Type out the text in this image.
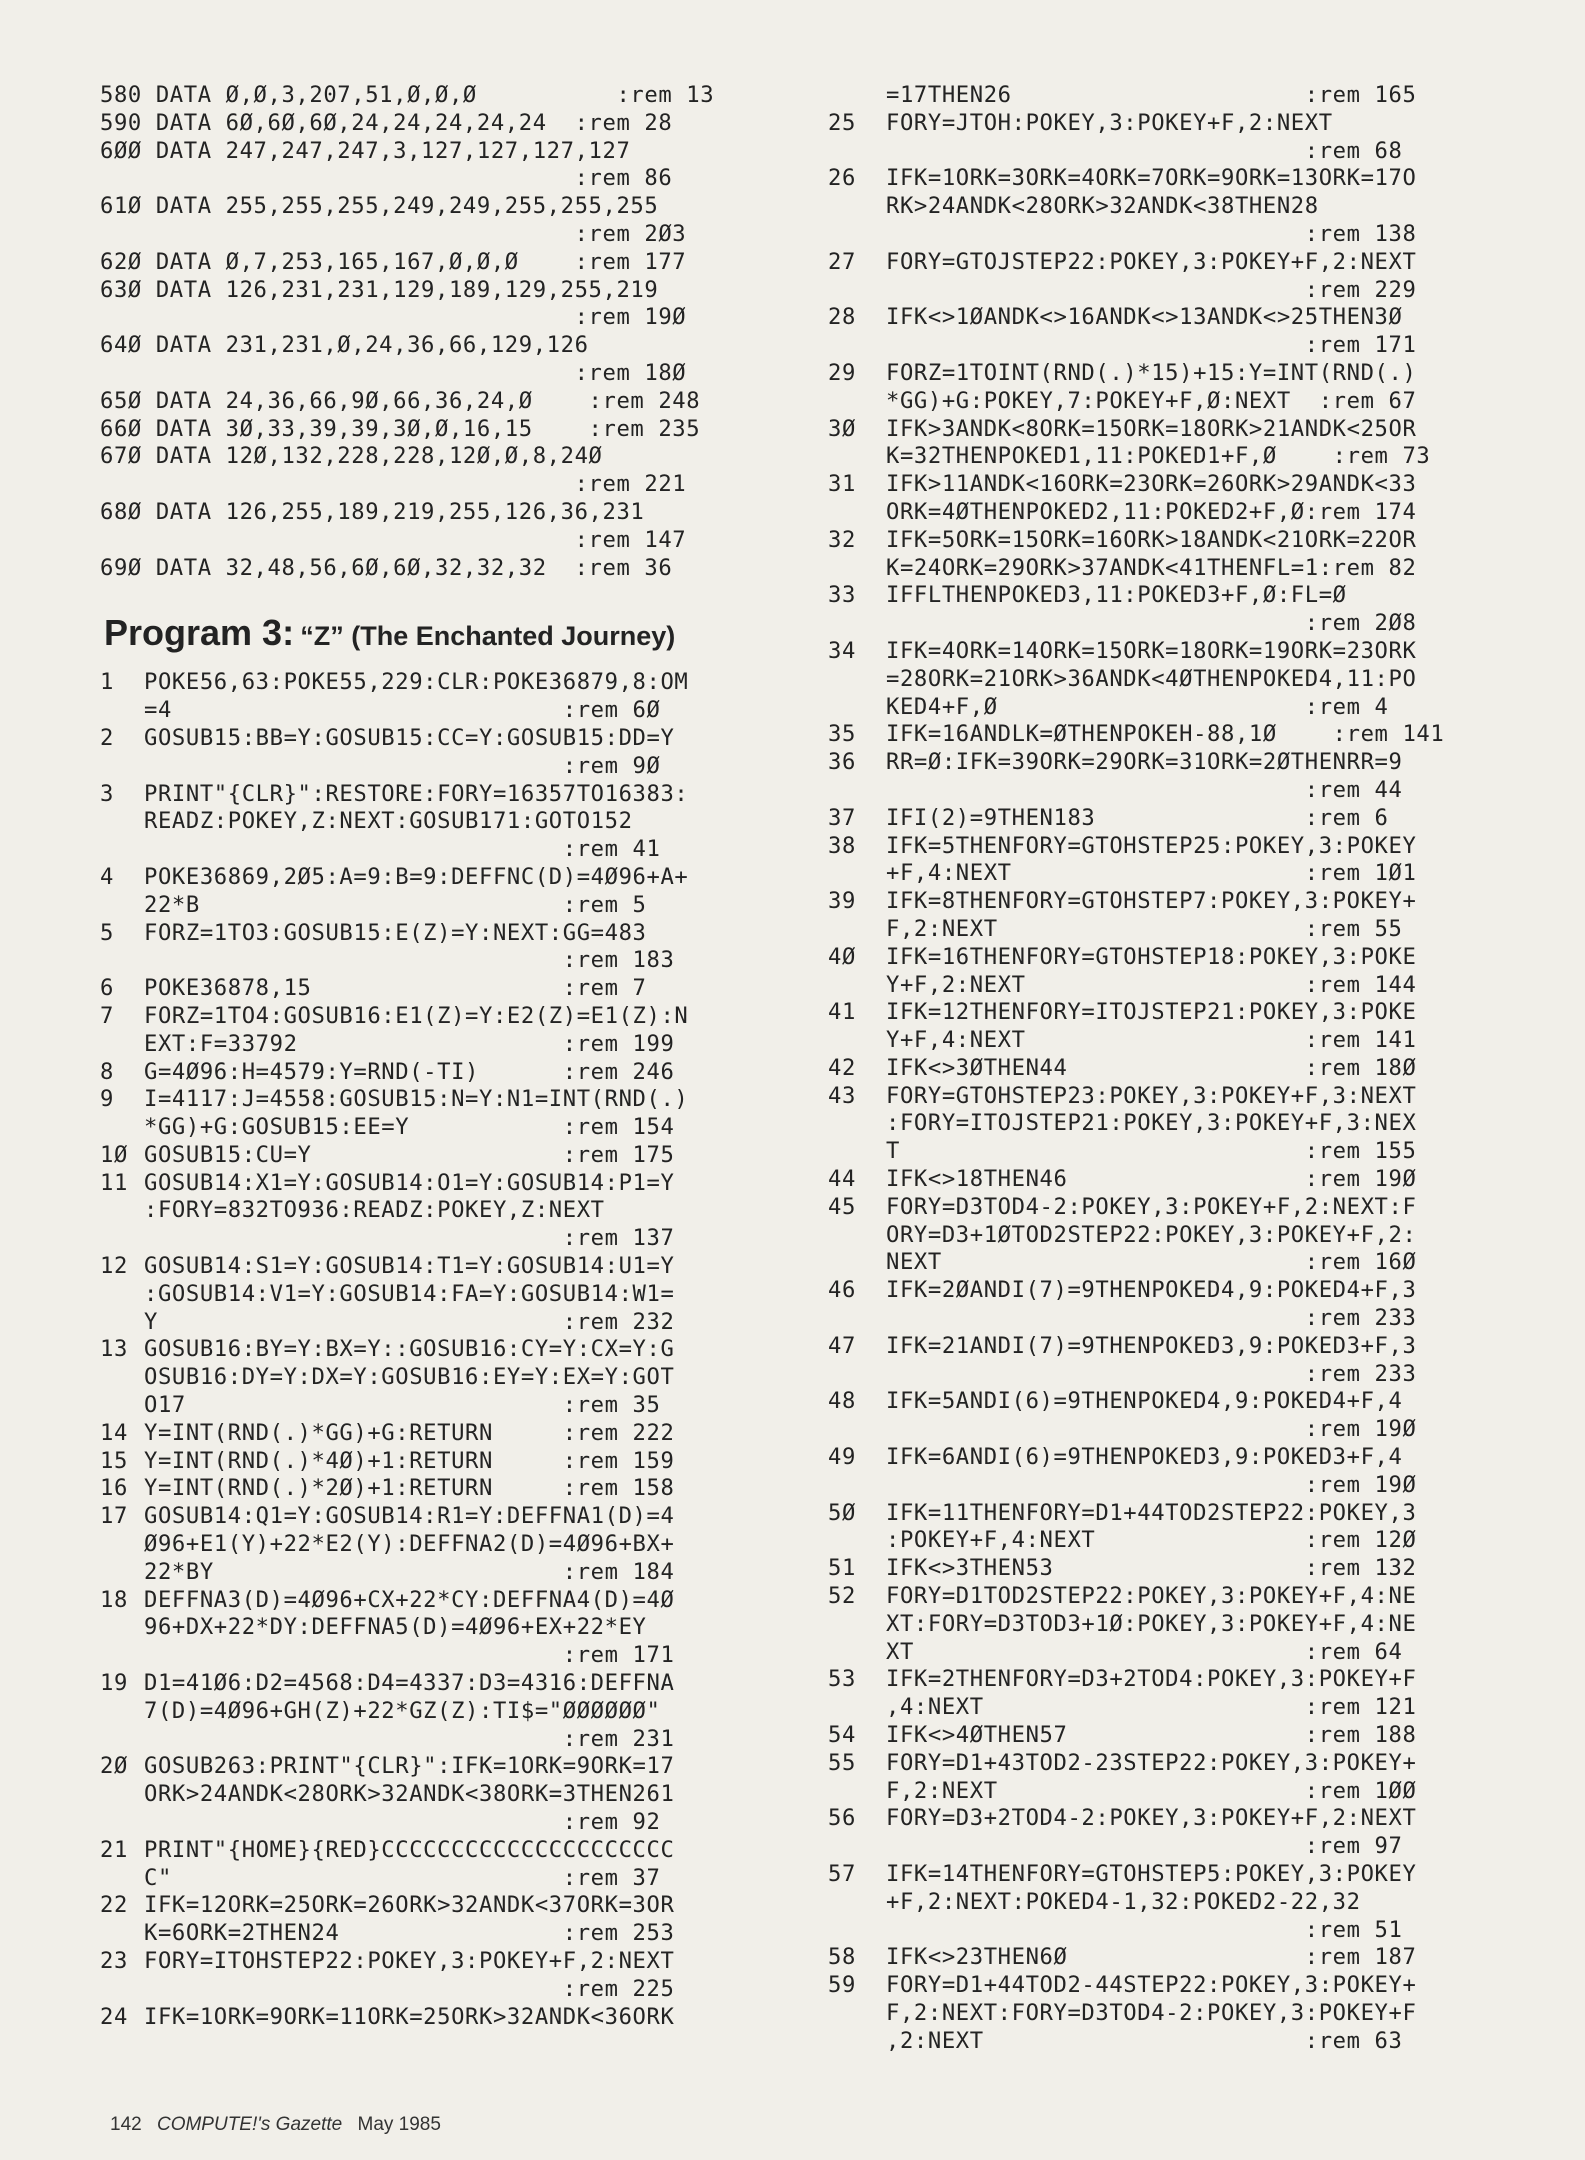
580 DATA Ø,Ø,3,207,51,Ø,Ø,Ø          :rem 13
590 DATA 6Ø,6Ø,6Ø,24,24,24,24,24  :rem 28
6ØØ DATA 247,247,247,3,127,127,127,127
:rem 86
61Ø DATA 255,255,255,249,249,255,255,255
:rem 2Ø3
62Ø DATA Ø,7,253,165,167,Ø,Ø,Ø    :rem 177
63Ø DATA 126,231,231,129,189,129,255,219
:rem 19Ø
64Ø DATA 231,231,Ø,24,36,66,129,126
:rem 18Ø
65Ø DATA 24,36,66,9Ø,66,36,24,Ø    :rem 248
66Ø DATA 3Ø,33,39,39,3Ø,Ø,16,15    :rem 235
67Ø DATA 12Ø,132,228,228,12Ø,Ø,8,24Ø
:rem 221
68Ø DATA 126,255,189,219,255,126,36,231
:rem 147
69Ø DATA 32,48,56,6Ø,6Ø,32,32,32  :rem 36
Program 3: “Z” (The Enchanted Journey)
1 POKE56,63:POKE55,229:CLR:POKE36879,8:OM
=4                            :rem 6Ø
2 GOSUB15:BB=Y:GOSUB15:CC=Y:GOSUB15:DD=Y
:rem 9Ø
3 PRINT"{CLR}":RESTORE:FORY=16357TO16383:
READZ:POKEY,Z:NEXT:GOSUB171:GOTO152
:rem 41
4 POKE36869,2Ø5:A=9:B=9:DEFFNC(D)=4Ø96+A+
22*B                          :rem 5
5 FORZ=1TO3:GOSUB15:E(Z)=Y:NEXT:GG=483
:rem 183
6 POKE36878,15                  :rem 7
7 FORZ=1TO4:GOSUB16:E1(Z)=Y:E2(Z)=E1(Z):N
EXT:F=33792                   :rem 199
8 G=4Ø96:H=4579:Y=RND(-TI)      :rem 246
9 I=4117:J=4558:GOSUB15:N=Y:N1=INT(RND(.)
*GG)+G:GOSUB15:EE=Y           :rem 154
1Ø GOSUB15:CU=Y                  :rem 175
11 GOSUB14:X1=Y:GOSUB14:O1=Y:GOSUB14:P1=Y
:FORY=832TO936:READZ:POKEY,Z:NEXT
:rem 137
12 GOSUB14:S1=Y:GOSUB14:T1=Y:GOSUB14:U1=Y
:GOSUB14:V1=Y:GOSUB14:FA=Y:GOSUB14:W1=
Y                             :rem 232
13 GOSUB16:BY=Y:BX=Y::GOSUB16:CY=Y:CX=Y:G
OSUB16:DY=Y:DX=Y:GOSUB16:EY=Y:EX=Y:GOT
O17                           :rem 35
14 Y=INT(RND(.)*GG)+G:RETURN     :rem 222
15 Y=INT(RND(.)*4Ø)+1:RETURN     :rem 159
16 Y=INT(RND(.)*2Ø)+1:RETURN     :rem 158
17 GOSUB14:Q1=Y:GOSUB14:R1=Y:DEFFNA1(D)=4
Ø96+E1(Y)+22*E2(Y):DEFFNA2(D)=4Ø96+BX+
22*BY                         :rem 184
18 DEFFNA3(D)=4Ø96+CX+22*CY:DEFFNA4(D)=4Ø
96+DX+22*DY:DEFFNA5(D)=4Ø96+EX+22*EY
:rem 171
19 D1=41Ø6:D2=4568:D4=4337:D3=4316:DEFFNA
7(D)=4Ø96+GH(Z)+22*GZ(Z):TI$="ØØØØØØ"
:rem 231
2Ø GOSUB263:PRINT"{CLR}":IFK=1ORK=9ORK=17
ORK>24ANDK<28ORK>32ANDK<38ORK=3THEN261
:rem 92
21 PRINT"{HOME}{RED}CCCCCCCCCCCCCCCCCCCCC
C"                            :rem 37
22 IFK=12ORK=25ORK=26ORK>32ANDK<37ORK=3OR
K=6ORK=2THEN24                :rem 253
23 FORY=ITOHSTEP22:POKEY,3:POKEY+F,2:NEXT
:rem 225
24 IFK=1ORK=9ORK=11ORK=25ORK>32ANDK<36ORK
=17THEN26                     :rem 165
25 FORY=JTOH:POKEY,3:POKEY+F,2:NEXT
:rem 68
26 IFK=1ORK=3ORK=4ORK=7ORK=9ORK=13ORK=17O
RK>24ANDK<28ORK>32ANDK<38THEN28
:rem 138
27 FORY=GTOJSTEP22:POKEY,3:POKEY+F,2:NEXT
:rem 229
28 IFK<>1ØANDK<>16ANDK<>13ANDK<>25THEN3Ø
:rem 171
29 FORZ=1TOINT(RND(.)*15)+15:Y=INT(RND(.)
*GG)+G:POKEY,7:POKEY+F,Ø:NEXT  :rem 67
3Ø IFK>3ANDK<8ORK=15ORK=18ORK>21ANDK<25OR
K=32THENPOKED1,11:POKED1+F,Ø    :rem 73
31 IFK>11ANDK<16ORK=23ORK=26ORK>29ANDK<33
ORK=4ØTHENPOKED2,11:POKED2+F,Ø:rem 174
32 IFK=5ORK=15ORK=16ORK>18ANDK<21ORK=22OR
K=24ORK=29ORK>37ANDK<41THENFL=1:rem 82
33 IFFLTHENPOKED3,11:POKED3+F,Ø:FL=Ø
:rem 2Ø8
34 IFK=4ORK=14ORK=15ORK=18ORK=19ORK=23ORK
=28ORK=21ORK>36ANDK<4ØTHENPOKED4,11:PO
KED4+F,Ø                      :rem 4
35 IFK=16ANDLK=ØTHENPOKEH-88,1Ø    :rem 141
36 RR=Ø:IFK=39ORK=29ORK=31ORK=2ØTHENRR=9
:rem 44
37 IFI(2)=9THEN183               :rem 6
38 IFK=5THENFORY=GTOHSTEP25:POKEY,3:POKEY
+F,4:NEXT                     :rem 1Ø1
39 IFK=8THENFORY=GTOHSTEP7:POKEY,3:POKEY+
F,2:NEXT                      :rem 55
4Ø IFK=16THENFORY=GTOHSTEP18:POKEY,3:POKE
Y+F,2:NEXT                    :rem 144
41 IFK=12THENFORY=ITOJSTEP21:POKEY,3:POKE
Y+F,4:NEXT                    :rem 141
42 IFK<>3ØTHEN44                 :rem 18Ø
43 FORY=GTOHSTEP23:POKEY,3:POKEY+F,3:NEXT
:FORY=ITOJSTEP21:POKEY,3:POKEY+F,3:NEX
T                             :rem 155
44 IFK<>18THEN46                 :rem 19Ø
45 FORY=D3TOD4-2:POKEY,3:POKEY+F,2:NEXT:F
ORY=D3+1ØTOD2STEP22:POKEY,3:POKEY+F,2:
NEXT                          :rem 16Ø
46 IFK=2ØANDI(7)=9THENPOKED4,9:POKED4+F,3
:rem 233
47 IFK=21ANDI(7)=9THENPOKED3,9:POKED3+F,3
:rem 233
48 IFK=5ANDI(6)=9THENPOKED4,9:POKED4+F,4
:rem 19Ø
49 IFK=6ANDI(6)=9THENPOKED3,9:POKED3+F,4
:rem 19Ø
5Ø IFK=11THENFORY=D1+44TOD2STEP22:POKEY,3
:POKEY+F,4:NEXT               :rem 12Ø
51 IFK<>3THEN53                  :rem 132
52 FORY=D1TOD2STEP22:POKEY,3:POKEY+F,4:NE
XT:FORY=D3TOD3+1Ø:POKEY,3:POKEY+F,4:NE
XT                            :rem 64
53 IFK=2THENFORY=D3+2TOD4:POKEY,3:POKEY+F
,4:NEXT                       :rem 121
54 IFK<>4ØTHEN57                 :rem 188
55 FORY=D1+43TOD2-23STEP22:POKEY,3:POKEY+
F,2:NEXT                      :rem 1ØØ
56 FORY=D3+2TOD4-2:POKEY,3:POKEY+F,2:NEXT
:rem 97
57 IFK=14THENFORY=GTOHSTEP5:POKEY,3:POKEY
+F,2:NEXT:POKED4-1,32:POKED2-22,32
:rem 51
58 IFK<>23THEN6Ø                 :rem 187
59 FORY=D1+44TOD2-44STEP22:POKEY,3:POKEY+
F,2:NEXT:FORY=D3TOD4-2:POKEY,3:POKEY+F
,2:NEXT                       :rem 63
142 COMPUTE!'s Gazette May 1985
